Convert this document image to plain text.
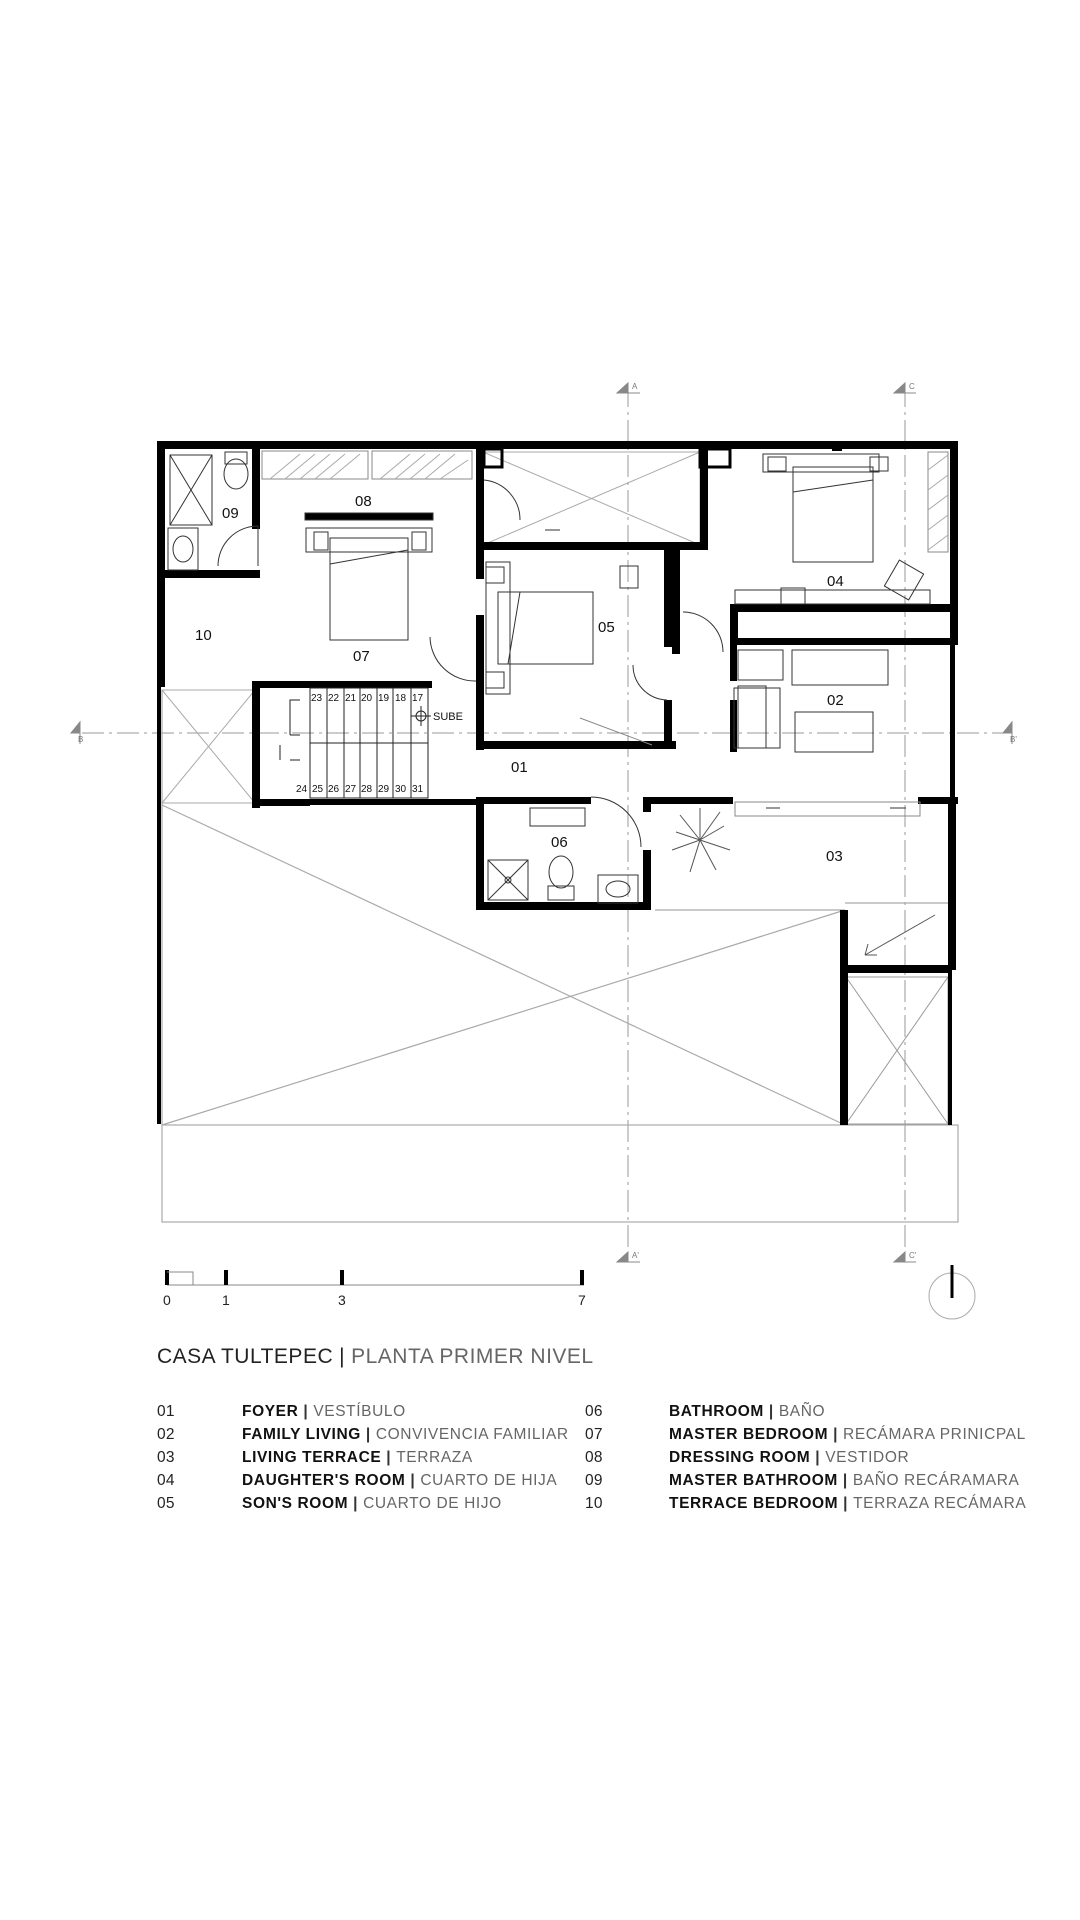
A	C
A'	C'
B	B'
23 22 21 20 19 18 17
24 25 26 27 28 29 30 31
SUBE
01
02
03
04
05
06
07
08
09
10
0	1	3	7
CASA TULTEPEC | PLANTA PRIMER NIVEL
01	FOYER | VESTÍBULO
02	FAMILY LIVING | CONVIVENCIA FAMILIAR
03	LIVING TERRACE | TERRAZA
04	DAUGHTER'S ROOM | CUARTO DE HIJA
05	SON'S ROOM | CUARTO DE HIJO
06	BATHROOM | BAÑO
07	MASTER BEDROOM | RECÁMARA PRINICPAL
08	DRESSING ROOM | VESTIDOR
09	MASTER BATHROOM | BAÑO RECÁRAMARA
10	TERRACE BEDROOM | TERRAZA RECÁMARA
